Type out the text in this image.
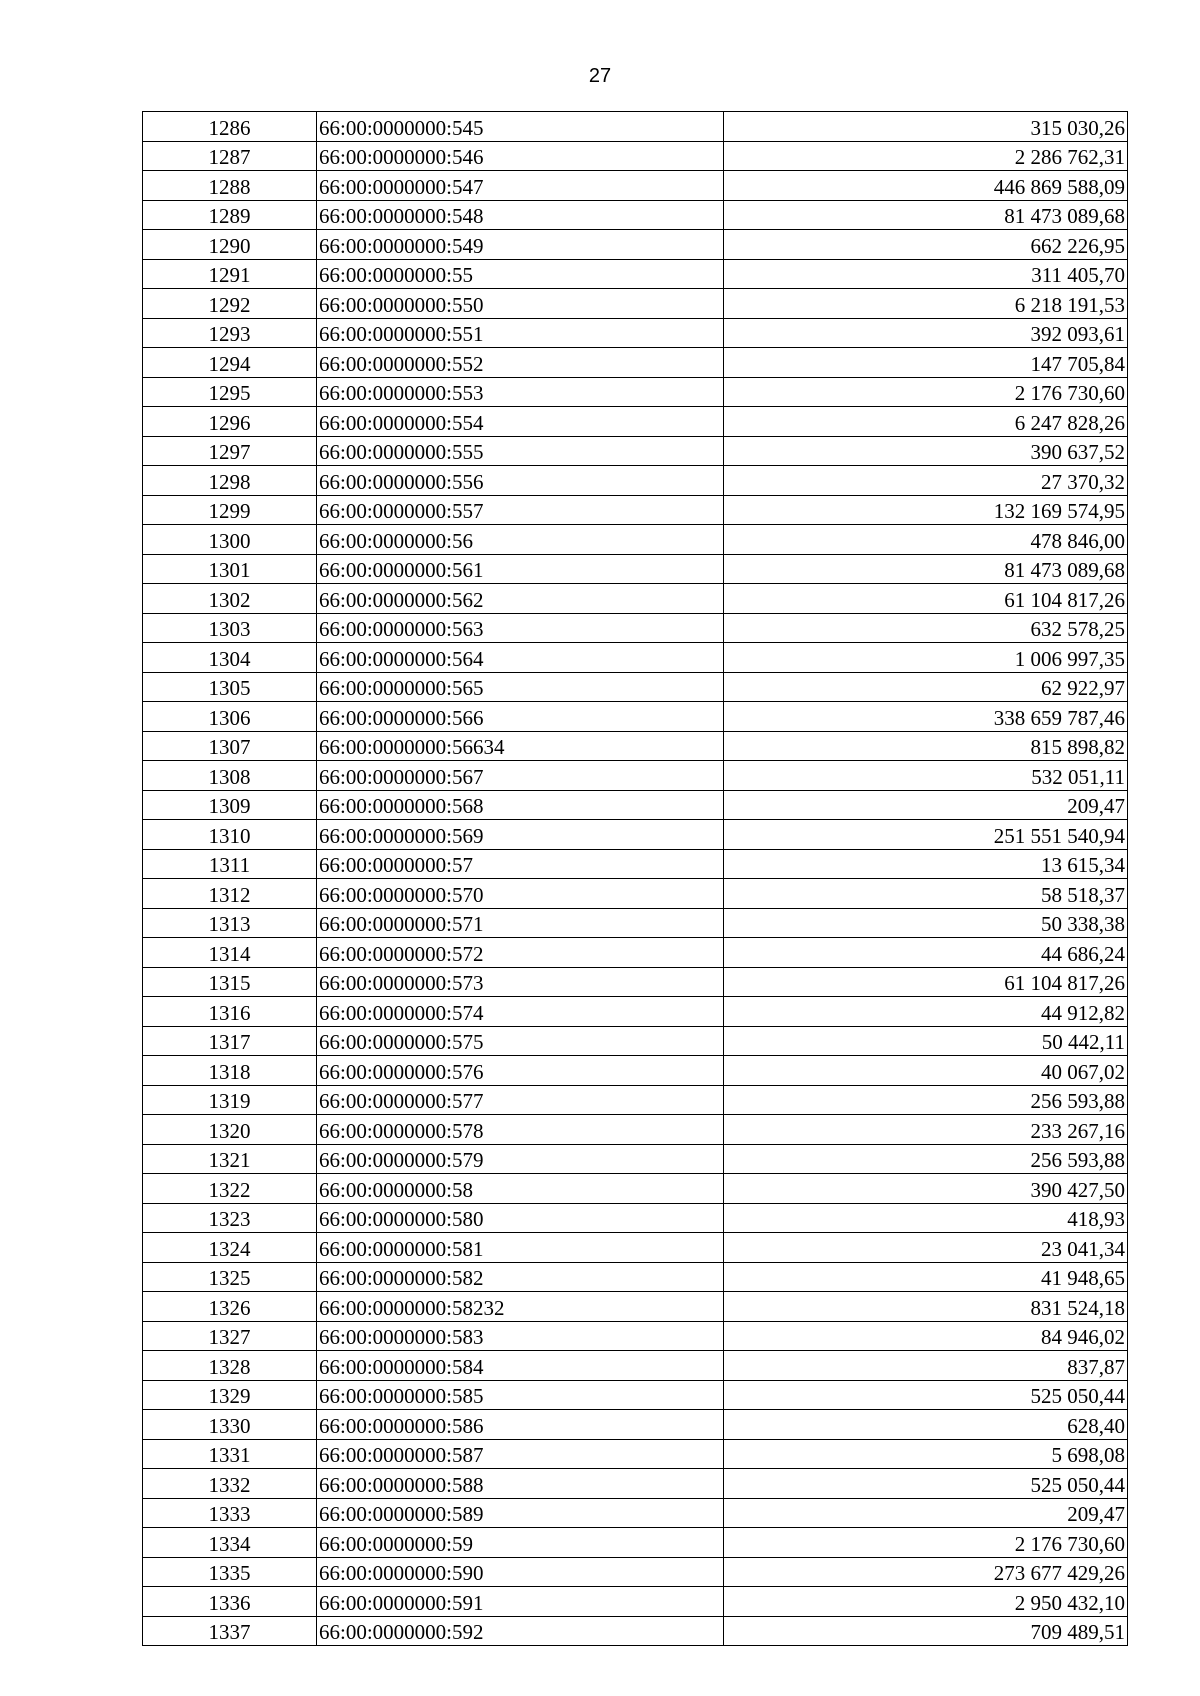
27
1286	66:00:0000000:545	315 030,26
1287	66:00:0000000:546	2 286 762,31
1288	66:00:0000000:547	446 869 588,09
1289	66:00:0000000:548	81 473 089,68
1290	66:00:0000000:549	662 226,95
1291	66:00:0000000:55	311 405,70
1292	66:00:0000000:550	6 218 191,53
1293	66:00:0000000:551	392 093,61
1294	66:00:0000000:552	147 705,84
1295	66:00:0000000:553	2 176 730,60
1296	66:00:0000000:554	6 247 828,26
1297	66:00:0000000:555	390 637,52
1298	66:00:0000000:556	27 370,32
1299	66:00:0000000:557	132 169 574,95
1300	66:00:0000000:56	478 846,00
1301	66:00:0000000:561	81 473 089,68
1302	66:00:0000000:562	61 104 817,26
1303	66:00:0000000:563	632 578,25
1304	66:00:0000000:564	1 006 997,35
1305	66:00:0000000:565	62 922,97
1306	66:00:0000000:566	338 659 787,46
1307	66:00:0000000:56634	815 898,82
1308	66:00:0000000:567	532 051,11
1309	66:00:0000000:568	209,47
1310	66:00:0000000:569	251 551 540,94
1311	66:00:0000000:57	13 615,34
1312	66:00:0000000:570	58 518,37
1313	66:00:0000000:571	50 338,38
1314	66:00:0000000:572	44 686,24
1315	66:00:0000000:573	61 104 817,26
1316	66:00:0000000:574	44 912,82
1317	66:00:0000000:575	50 442,11
1318	66:00:0000000:576	40 067,02
1319	66:00:0000000:577	256 593,88
1320	66:00:0000000:578	233 267,16
1321	66:00:0000000:579	256 593,88
1322	66:00:0000000:58	390 427,50
1323	66:00:0000000:580	418,93
1324	66:00:0000000:581	23 041,34
1325	66:00:0000000:582	41 948,65
1326	66:00:0000000:58232	831 524,18
1327	66:00:0000000:583	84 946,02
1328	66:00:0000000:584	837,87
1329	66:00:0000000:585	525 050,44
1330	66:00:0000000:586	628,40
1331	66:00:0000000:587	5 698,08
1332	66:00:0000000:588	525 050,44
1333	66:00:0000000:589	209,47
1334	66:00:0000000:59	2 176 730,60
1335	66:00:0000000:590	273 677 429,26
1336	66:00:0000000:591	2 950 432,10
1337	66:00:0000000:592	709 489,51
